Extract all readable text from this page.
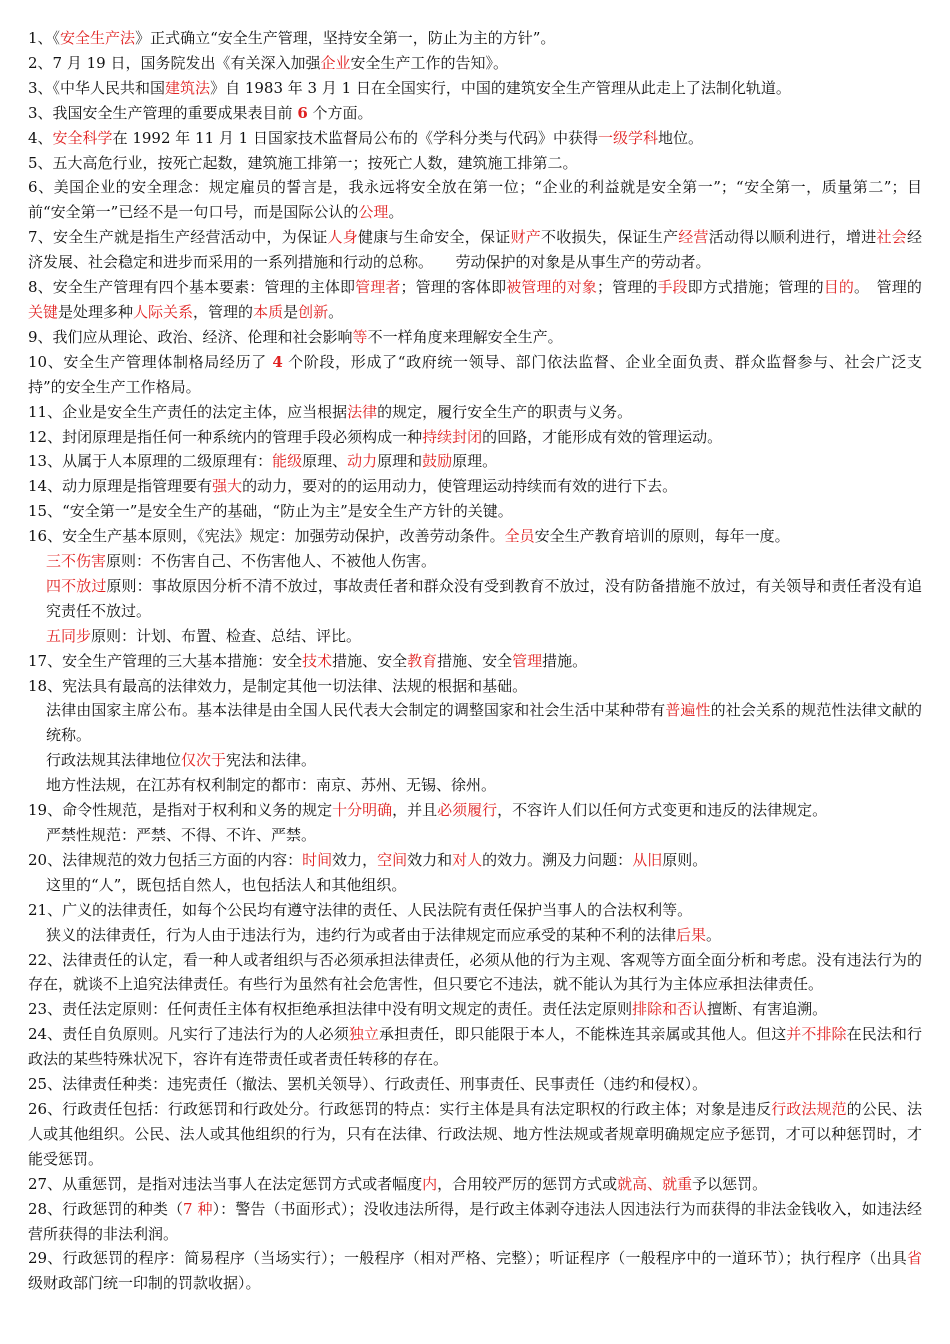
1、《安全生产法》正式确立“安全生产管理，坚持安全第一，防止为主的方针”。
2、7 月 19 日，国务院发出《有关深入加强企业安全生产工作的告知》。
3、《中华人民共和国建筑法》自 1983 年 3 月 1 日在全国实行，中国的建筑安全生产管理从此走上了法制化轨道。
3、我国安全生产管理的重要成果表目前 6 个方面。
4、安全科学在 1992 年 11 月 1 日国家技术监督局公布的《学科分类与代码》中获得一级学科地位。
5、五大高危行业，按死亡起数，建筑施工排第一；按死亡人数，建筑施工排第二。
6、美国企业的安全理念：规定雇员的誓言是，我永远将安全放在第一位；“企业的利益就是安全第一”；“安全第一，质量第二”；目前“安全第一”已经不是一句口号，而是国际公认的公理。
7、安全生产就是指生产经营活动中，为保证人身健康与生命安全，保证财产不收损失，保证生产经营活动得以顺利进行，增进社会经济发展、社会稳定和进步而采用的一系列措施和行动的总称。　　劳动保护的对象是从事生产的劳动者。
8、安全生产管理有四个基本要素：管理的主体即管理者；管理的客体即被管理的对象；管理的手段即方式措施；管理的目的。　管理的关键是处理多种人际关系，管理的本质是创新。
9、我们应从理论、政治、经济、伦理和社会影响等不一样角度来理解安全生产。
10、安全生产管理体制格局经历了 4 个阶段，形成了“政府统一领导、部门依法监督、企业全面负责、群众监督参与、社会广泛支持”的安全生产工作格局。
11、企业是安全生产责任的法定主体，应当根据法律的规定，履行安全生产的职责与义务。
12、封闭原理是指任何一种系统内的管理手段必须构成一种持续封闭的回路，才能形成有效的管理运动。
13、从属于人本原理的二级原理有：能级原理、动力原理和鼓励原理。
14、动力原理是指管理要有强大的动力，要对的的运用动力，使管理运动持续而有效的进行下去。
15、“安全第一”是安全生产的基础，“防止为主”是安全生产方针的关键。
16、安全生产基本原则，《宪法》规定：加强劳动保护，改善劳动条件。全员安全生产教育培训的原则，每年一度。
三不伤害原则：不伤害自己、不伤害他人、不被他人伤害。
四不放过原则：事故原因分析不清不放过，事故责任者和群众没有受到教育不放过，没有防备措施不放过，有关领导和责任者没有追究责任不放过。
五同步原则：计划、布置、检查、总结、评比。
17、安全生产管理的三大基本措施：安全技术措施、安全教育措施、安全管理措施。
18、宪法具有最高的法律效力，是制定其他一切法律、法规的根据和基础。
法律由国家主席公布。基本法律是由全国人民代表大会制定的调整国家和社会生活中某种带有普遍性的社会关系的规范性法律文献的统称。
行政法规其法律地位仅次于宪法和法律。
地方性法规，在江苏有权利制定的都市：南京、苏州、无锡、徐州。
19、命令性规范，是指对于权利和义务的规定十分明确，并且必须履行，不容许人们以任何方式变更和违反的法律规定。
严禁性规范：严禁、不得、不许、严禁。
20、法律规范的效力包括三方面的内容：时间效力，空间效力和对人的效力。溯及力问题：从旧原则。
这里的“人”，既包括自然人，也包括法人和其他组织。
21、广义的法律责任，如每个公民均有遵守法律的责任、人民法院有责任保护当事人的合法权利等。
狭义的法律责任，行为人由于违法行为，违约行为或者由于法律规定而应承受的某种不利的法律后果。
22、法律责任的认定，看一种人或者组织与否必须承担法律责任，必须从他的行为主观、客观等方面全面分析和考虑。没有违法行为的存在，就谈不上追究法律责任。有些行为虽然有社会危害性，但只要它不违法，就不能认为其行为主体应承担法律责任。
23、责任法定原则：任何责任主体有权拒绝承担法律中没有明文规定的责任。责任法定原则排除和否认擅断、有害追溯。
24、责任自负原则。凡实行了违法行为的人必须独立承担责任，即只能限于本人，不能株连其亲属或其他人。但这并不排除在民法和行政法的某些特殊状况下，容许有连带责任或者责任转移的存在。
25、法律责任种类：违宪责任（撤法、罢机关领导）、行政责任、刑事责任、民事责任（违约和侵权）。
26、行政责任包括：行政惩罚和行政处分。行政惩罚的特点：实行主体是具有法定职权的行政主体；对象是违反行政法规范的公民、法人或其他组织。公民、法人或其他组织的行为，只有在法律、行政法规、地方性法规或者规章明确规定应予惩罚，才可以种惩罚时，才能受惩罚。
27、从重惩罚，是指对违法当事人在法定惩罚方式或者幅度内，合用较严厉的惩罚方式或就高、就重予以惩罚。
28、行政惩罚的种类（7 种）：警告（书面形式）；没收违法所得，是行政主体剥夺违法人因违法行为而获得的非法金钱收入，如违法经营所获得的非法利润。
29、行政惩罚的程序：简易程序（当场实行）；一般程序（相对严格、完整）；听证程序（一般程序中的一道环节）；执行程序（出具省级财政部门统一印制的罚款收据）。
